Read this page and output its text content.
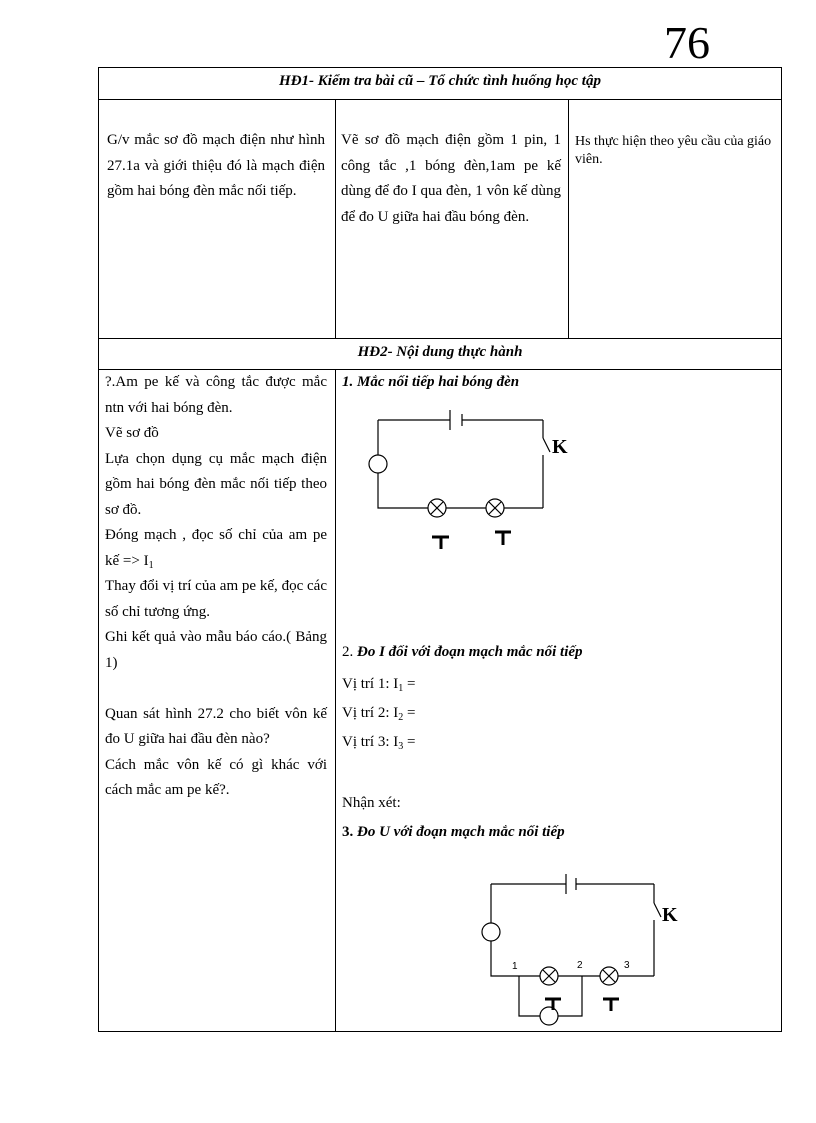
76
HĐ1- Kiểm tra bài cũ – Tổ chức tình huống học tập
G/v mắc sơ đồ mạch điện như hình 27.1a và giới thiệu đó là mạch điện gồm hai bóng đèn mắc nối tiếp.
Vẽ sơ đồ mạch điện gồm 1 pin, 1 công tắc ,1 bóng đèn,1am pe kế dùng để đo I qua đèn, 1 vôn kế dùng để đo U giữa hai đầu bóng đèn.
Hs thực hiện theo yêu cầu của giáo viên.
HĐ2- Nội dung thực hành
?.Am pe kế và công tắc được mắc ntn với hai bóng đèn.
Vẽ sơ đồ
Lựa chọn dụng cụ mắc mạch điện gồm hai bóng đèn mắc nối tiếp theo sơ đồ.
Đóng mạch , đọc số chỉ của am pe kế => $I_1$
Thay đổi vị trí của am pe kế, đọc các số chỉ tương ứng.
Ghi kết quả vào mẫu báo cáo.( Bảng 1)

Quan sát hình 27.2 cho biết vôn kế đo U giữa hai đầu đèn nào?
Cách mắc vôn kế có gì khác với cách mắc am pe kế?.
1. Mắc nối tiếp hai bóng đèn
2. Đo I đối với đoạn mạch mắc nối tiếp
Vị trí 1: $I_1$ =
Vị trí 2: $I_2$ =
Vị trí 3: $I_3$ =
Nhận xét:
3. Đo U với đoạn mạch mắc nối tiếp
K
K
1	2	3
